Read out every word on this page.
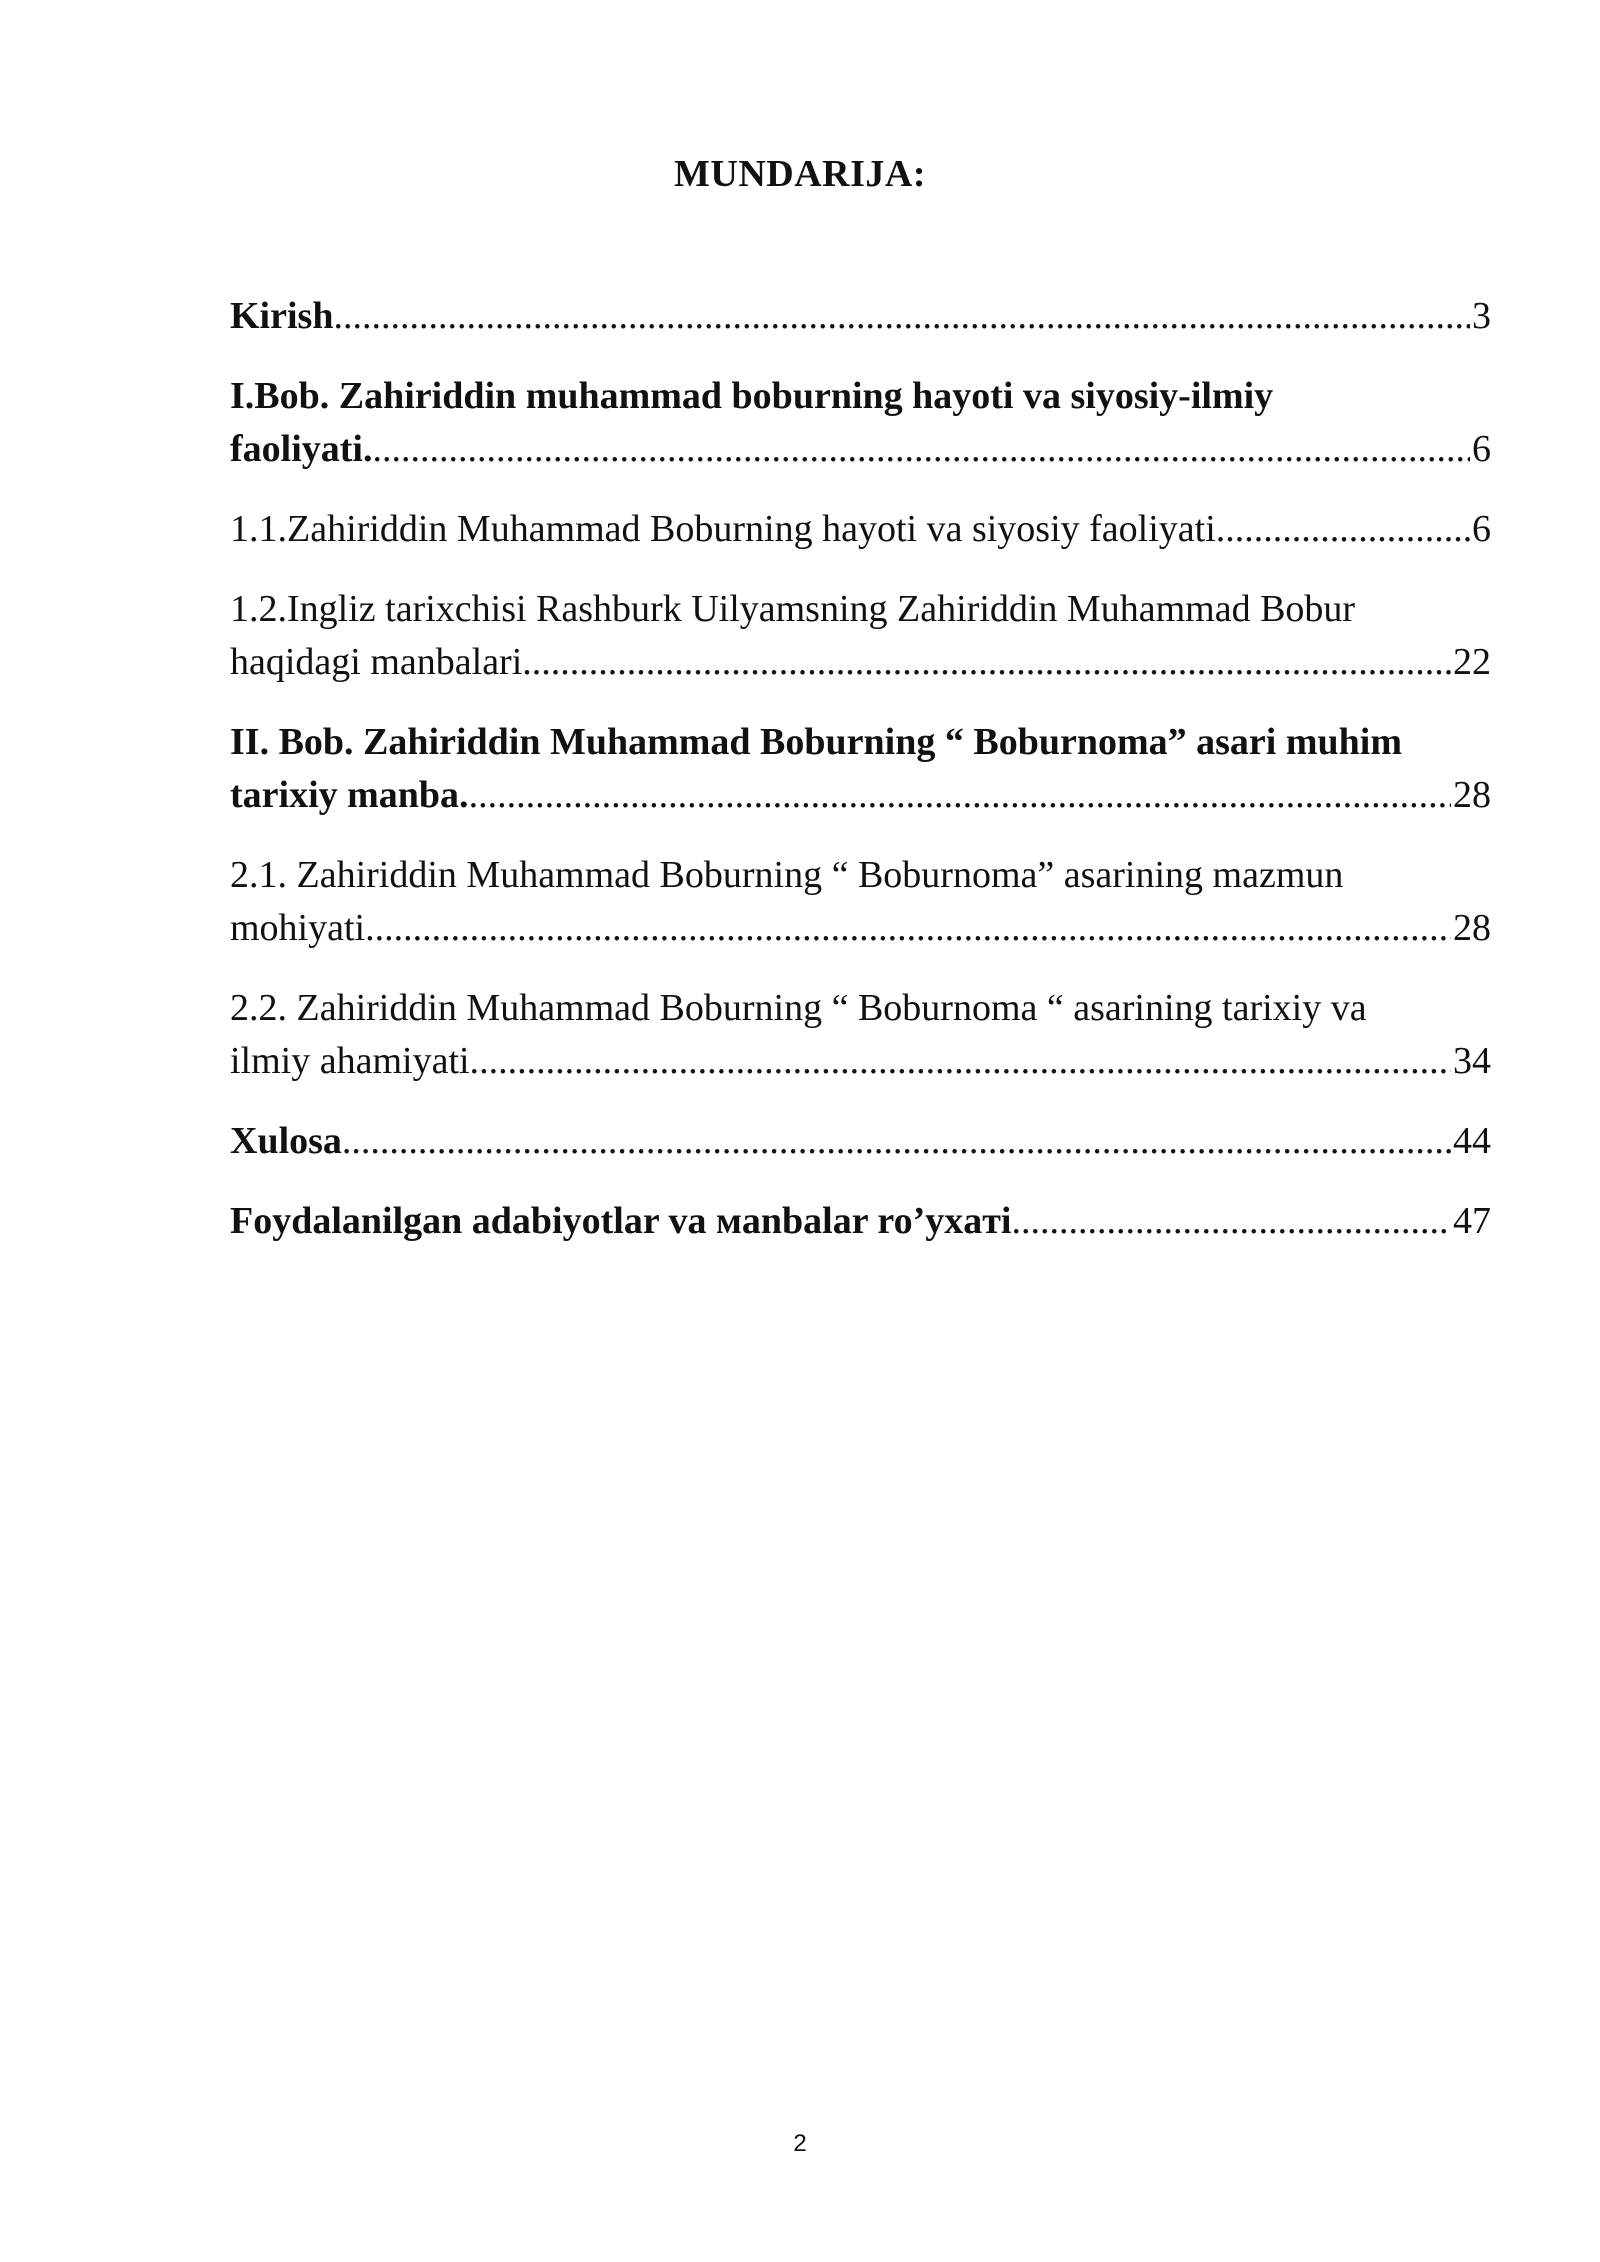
MUNDARIJA:
Kirish .....	3
I.Bob. Zahiriddin muhammad boburning hayoti va siyosiy-ilmiy
faoliyati. .....	6
1.1.Zahiriddin Muhammad Boburning hayoti va siyosiy faoliyati. .....	6
1.2.Ingliz tarixchisi Rashburk Uilyamsning Zahiriddin Muhammad Bobur
haqidagi manbalari. .....	22
II. Bob. Zahiriddin Muhammad Boburning “ Boburnoma” asari muhim
tarixiy manba. .....	28
2.1. Zahiriddin Muhammad Boburning “ Boburnoma” asarining mazmun
mohiyati. .....	28
2.2. Zahiriddin Muhammad Boburning “ Boburnoma “ asarining tarixiy va
ilmiy ahamiyati. .....	34
Xulosa .....	44
Foydalanilgan adabiyotlar va мanbalar ro’yхaтi .....	47
2
